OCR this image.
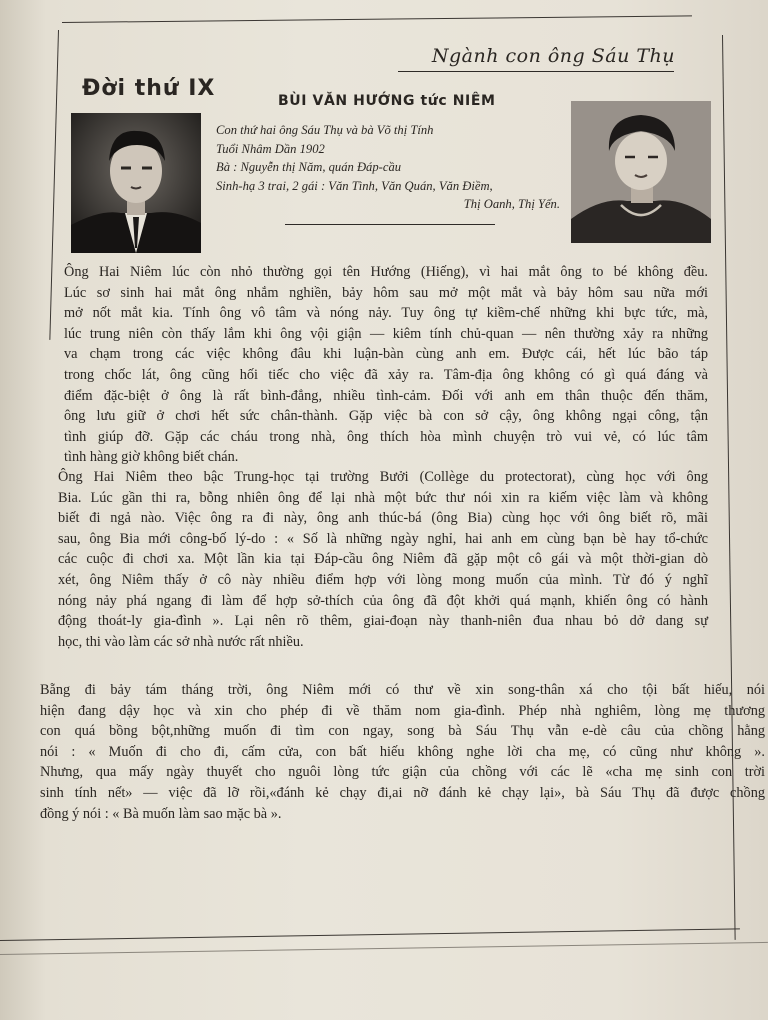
Ngành con ông Sáu Thụ
Đời thứ IX	BÙI VĂN HƯỚNG tức NIÊM
Con thứ hai ông Sáu Thụ và bà Võ thị Tính
Tuổi Nhâm Dần 1902
Bà : Nguyễn thị Năm, quán Đáp-cầu
Sinh-hạ 3 trai, 2 gái : Văn Tình, Văn Quán, Văn Điềm,
Thị Oanh, Thị Yến.
Ông Hai Niêm lúc còn nhỏ thường gọi tên Hướng (Hiếng), vì hai mắt ông to bé không đều.
Lúc sơ sinh hai mắt ông nhắm nghiền, bảy hôm sau mở một mắt và bảy hôm sau nữa mới
mở nốt mắt kia. Tính ông vô tâm và nóng nảy. Tuy ông tự kiềm-chế những khi bực tức, mà,
lúc trung niên còn thấy lắm khi ông vội giận — kiêm tính chủ-quan — nên thường xảy ra những
va chạm trong các việc không đâu khi luận-bàn cùng anh em. Được cái, hết lúc bão táp
trong chốc lát, ông cũng hối tiếc cho việc đã xảy ra. Tâm-địa ông không có gì quá đáng và
điểm đặc-biệt ở ông là rất bình-đẳng, nhiều tình-cảm. Đối với anh em thân thuộc đến thăm,
ông lưu giữ ở chơi hết sức chân-thành. Gặp việc bà con sở cậy, ông không ngại công, tận
tình giúp đỡ. Gặp các cháu trong nhà, ông thích hòa mình chuyện trò vui vẻ, có lúc tâm
tình hàng giờ không biết chán.
Ông Hai Niêm theo bậc Trung-học tại trường Bưởi (Collège du protectorat), cùng học với ông
Bia. Lúc gần thi ra, bỗng nhiên ông để lại nhà một bức thư nói xin ra kiếm việc làm và không
biết đi ngả nào. Việc ông ra đi này, ông anh thúc-bá (ông Bia) cùng học với ông biết rõ, mãi
sau, ông Bia mới công-bố lý-do : « Số là những ngày nghỉ, hai anh em cùng bạn bè hay tổ-chức
các cuộc đi chơi xa. Một lần kia tại Đáp-cầu ông Niêm đã gặp một cô gái và một thời-gian dò
xét, ông Niêm thấy ở cô này nhiều điểm hợp với lòng mong muốn của mình. Từ đó ý nghĩ
nóng nảy phá ngang đi làm để hợp sở-thích của ông đã đột khởi quá mạnh, khiến ông có hành
động thoát-ly gia-đình ». Lại nên rõ thêm, giai-đoạn này thanh-niên đua nhau bỏ dở dang sự
học, thi vào làm các sở nhà nước rất nhiều.
Bẵng đi bảy tám tháng trời, ông Niêm mới có thư về xin song-thân xá cho tội bất hiếu, nói
hiện đang dậy học và xin cho phép đi về thăm nom gia-đình. Phép nhà nghiêm, lòng mẹ thương
con quá bồng bột,những muốn đi tìm con ngay, song bà Sáu Thụ vẫn e-dè câu của chồng hằng
nói : « Muốn đi cho đi, cấm cửa, con bất hiếu không nghe lời cha mẹ, có cũng như không ».
Nhưng, qua mấy ngày thuyết cho nguôi lòng tức giận của chồng với các lẽ «cha mẹ sinh con trời
sinh tính nết» — việc đã lỡ rồi,«đánh kẻ chạy đi,ai nỡ đánh kẻ chạy lại», bà Sáu Thụ đã được chồng
đồng ý nói : « Bà muốn làm sao mặc bà ».
